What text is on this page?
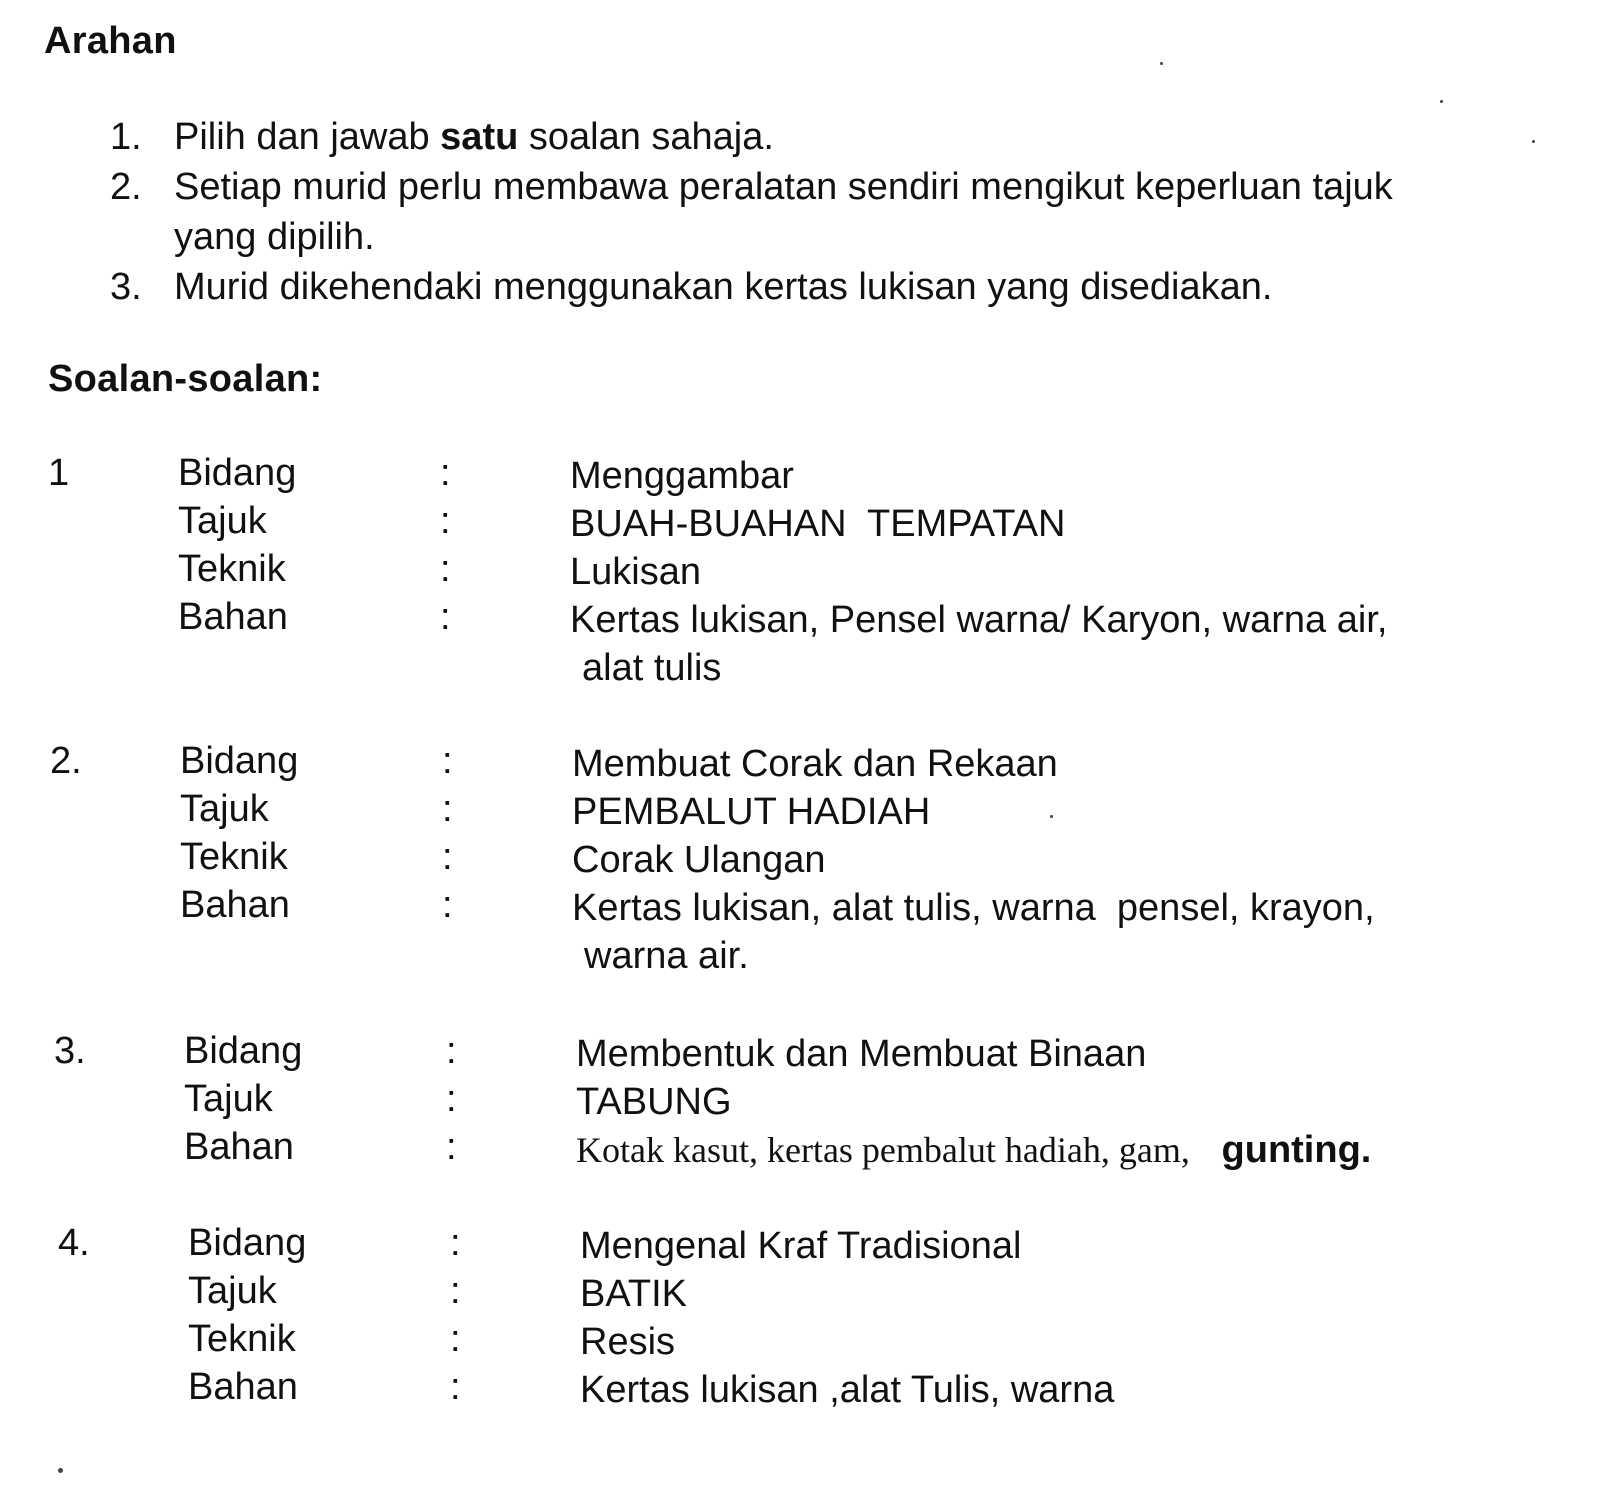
Arahan
1. Pilih dan jawab satu soalan sahaja.
2. Setiap murid perlu membawa peralatan sendiri mengikut keperluan tajuk yang dipilih.
3. Murid dikehendaki menggunakan kertas lukisan yang disediakan.
Soalan-soalan:
1	Bidang	:	Menggambar
Tajuk	:	BUAH-BUAHAN  TEMPATAN
Teknik	:	Lukisan
Bahan	:	Kertas lukisan, Pensel warna/ Karyon, warna air,
alat tulis
2.	Bidang	:	Membuat Corak dan Rekaan
Tajuk	:	PEMBALUT HADIAH
Teknik	:	Corak Ulangan
Bahan	:	Kertas lukisan, alat tulis, warna  pensel, krayon,
warna air.
3.	Bidang	:	Membentuk dan Membuat Binaan
Tajuk	:	TABUNG
Bahan	:	Kotak kasut, kertas pembalut hadiah, gam, gunting.
4.	Bidang	:	Mengenal Kraf Tradisional
Tajuk	:	BATIK
Teknik	:	Resis
Bahan	:	Kertas lukisan ,alat Tulis, warna
